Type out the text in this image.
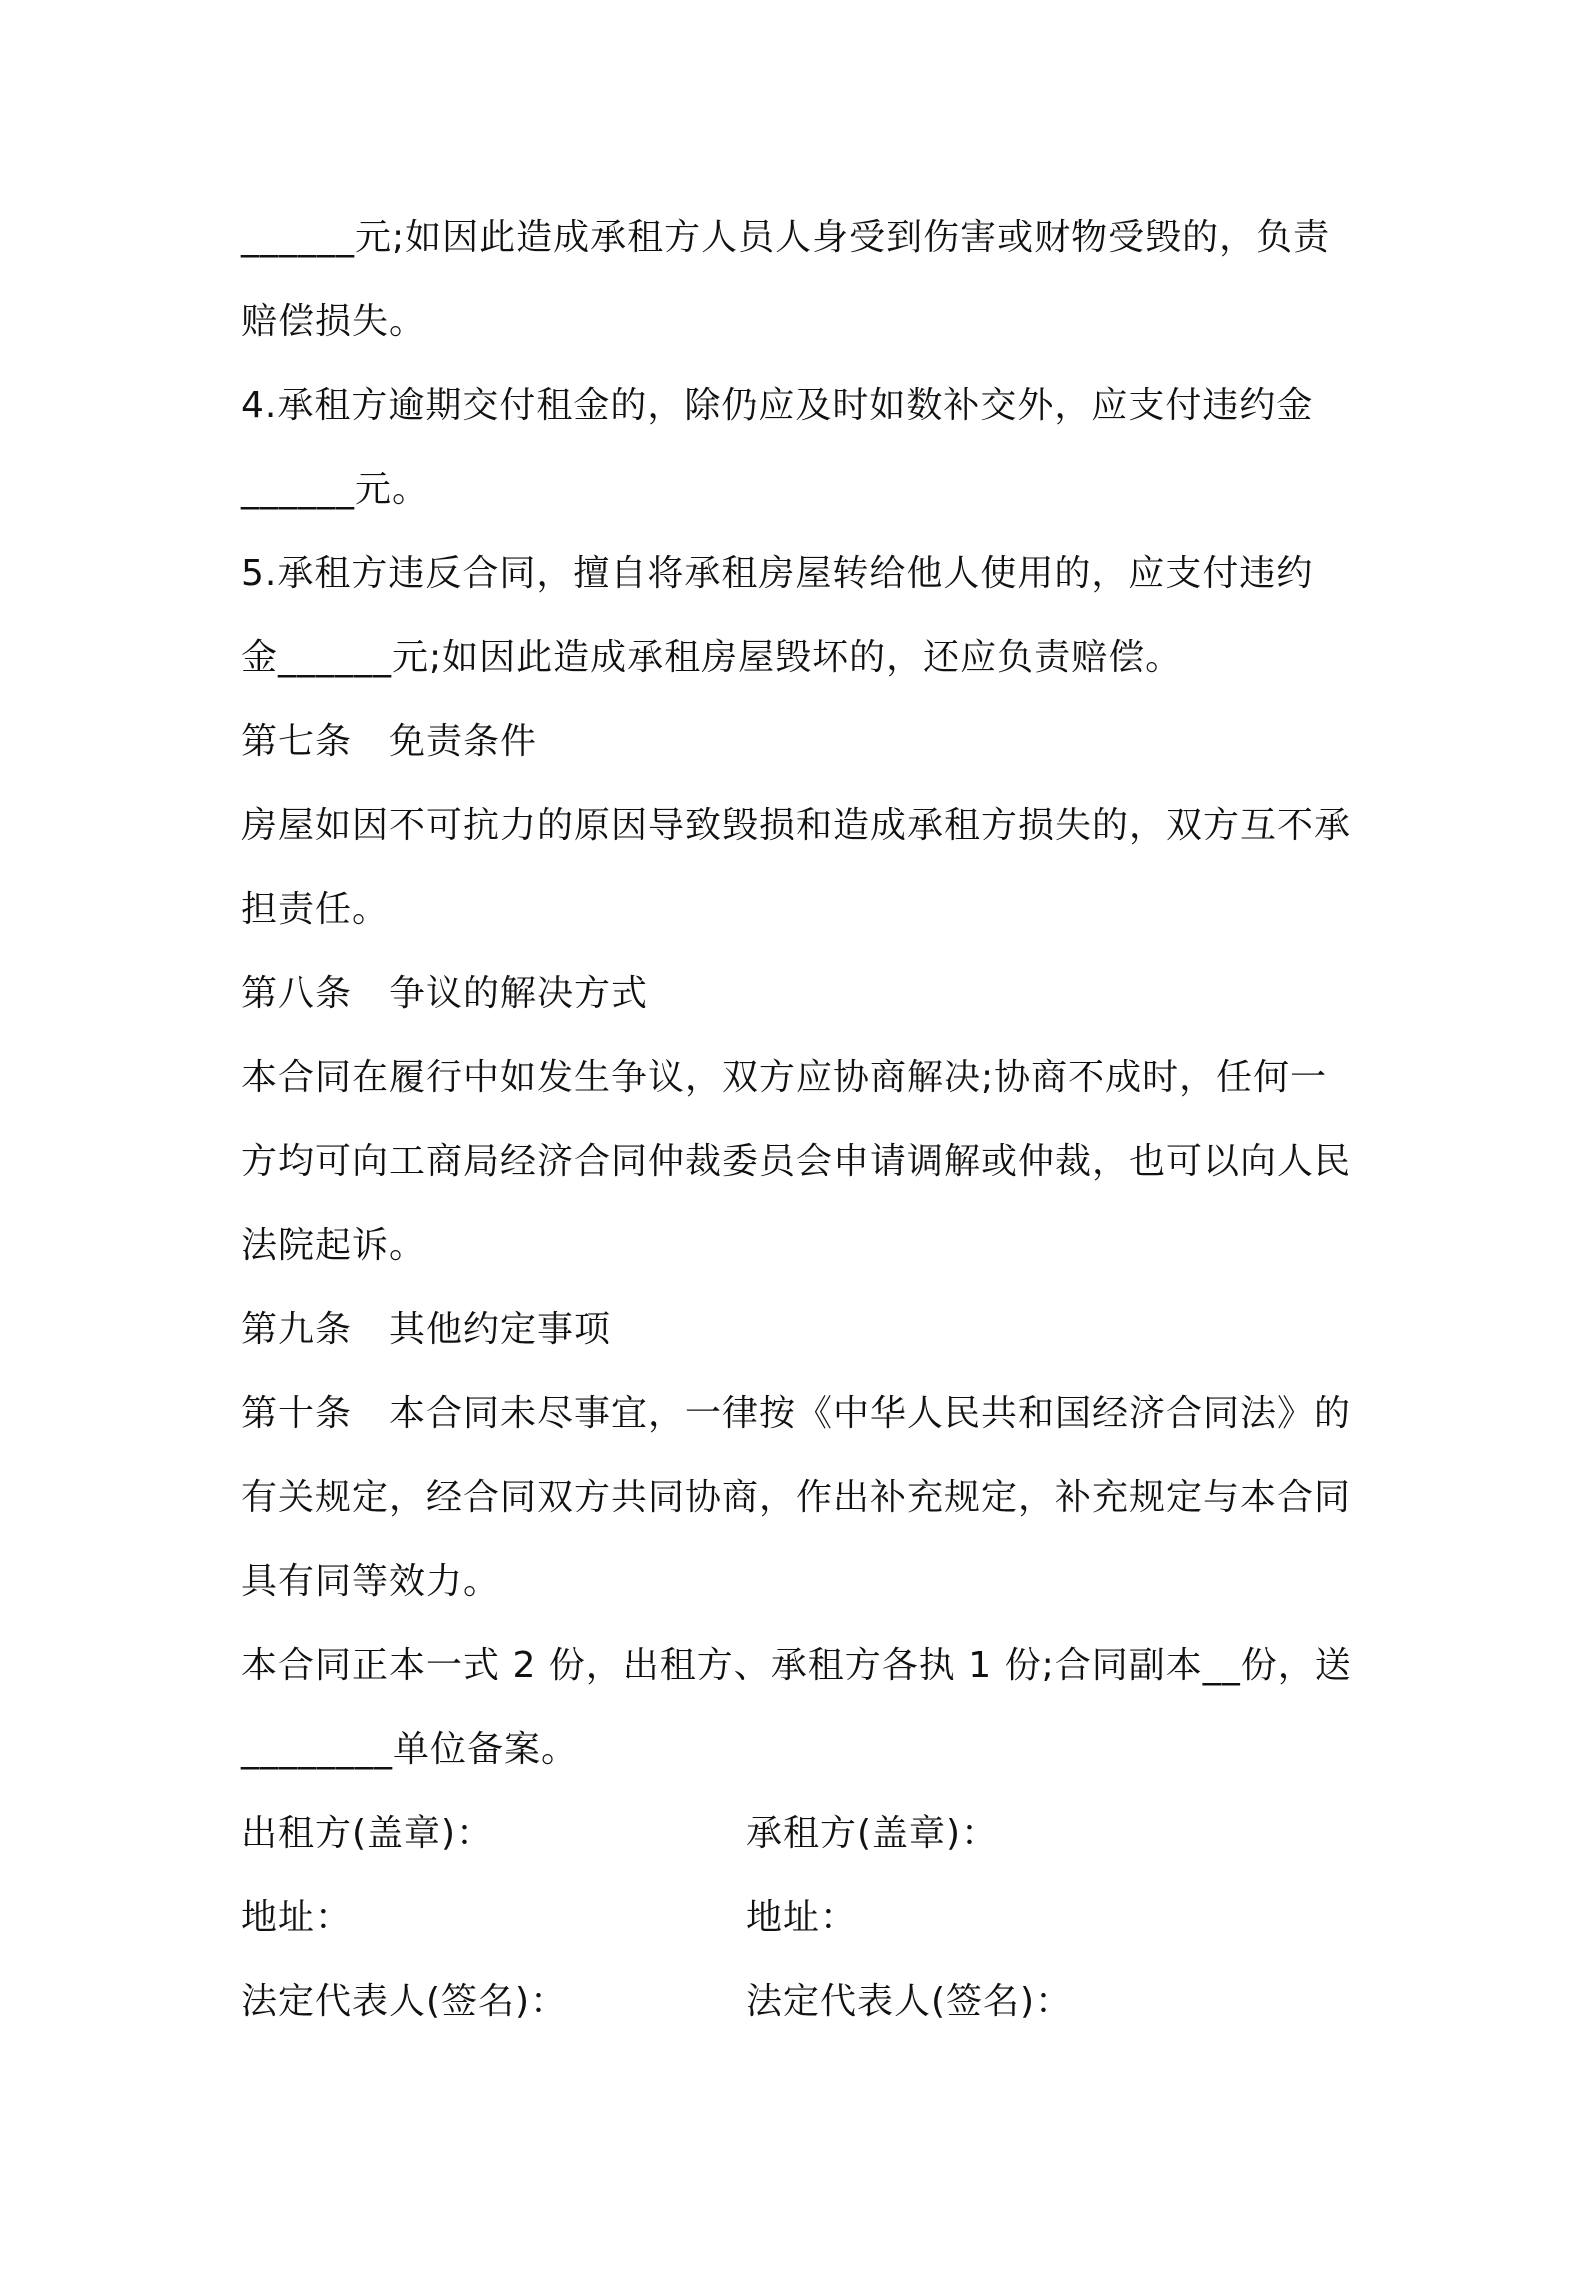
______元;如因此造成承租方人员人身受到伤害或财物受毁的，负责
赔偿损失。
4.承租方逾期交付租金的，除仍应及时如数补交外，应支付违约金
______元。
5.承租方违反合同，擅自将承租房屋转给他人使用的，应支付违约
金______元;如因此造成承租房屋毁坏的，还应负责赔偿。
第七条　免责条件
房屋如因不可抗力的原因导致毁损和造成承租方损失的，双方互不承
担责任。
第八条　争议的解决方式
本合同在履行中如发生争议，双方应协商解决;协商不成时，任何一
方均可向工商局经济合同仲裁委员会申请调解或仲裁，也可以向人民
法院起诉。
第九条　其他约定事项
第十条　本合同未尽事宜，一律按《中华人民共和国经济合同法》的
有关规定，经合同双方共同协商，作出补充规定，补充规定与本合同
具有同等效力。
本合同正本一式 2 份，出租方、承租方各执 1 份;合同副本__份，送
________单位备案。

出租方(盖章)：

	承租方(盖章)：

地址：

	地址：

法定代表人(签名)：

	法定代表人(签名)：
